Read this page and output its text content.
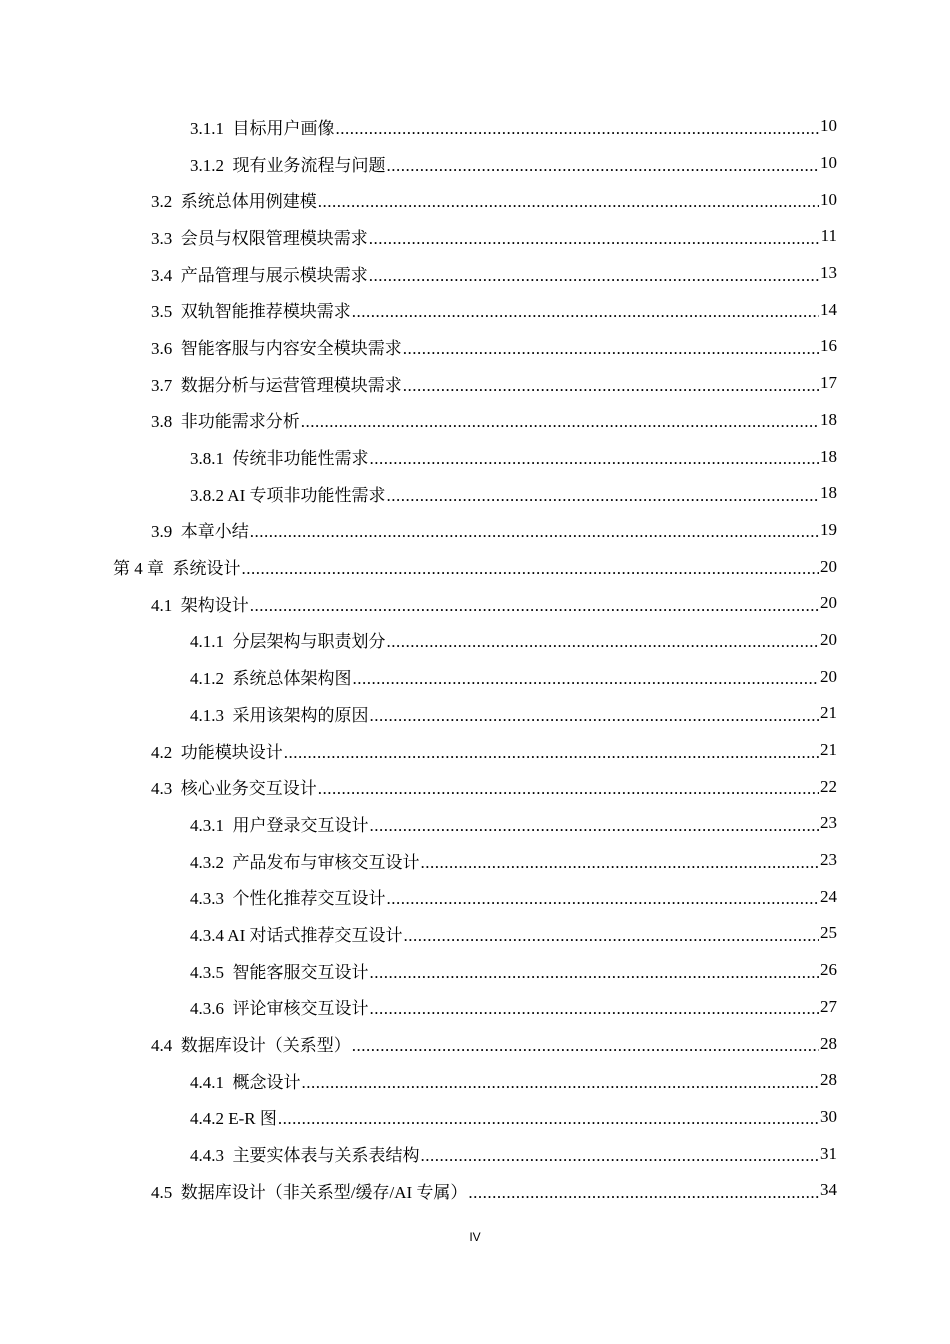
3.1.1  目标用户画像 .....	10
3.1.2  现有业务流程与问题 .....	10
3.2  系统总体用例建模 .....	10
3.3  会员与权限管理模块需求 .....	11
3.4  产品管理与展示模块需求 .....	13
3.5  双轨智能推荐模块需求 .....	14
3.6  智能客服与内容安全模块需求 .....	16
3.7  数据分析与运营管理模块需求 .....	17
3.8  非功能需求分析 .....	18
3.8.1  传统非功能性需求 .....	18
3.8.2 AI 专项非功能性需求 .....	18
3.9  本章小结 .....	19
第 4 章  系统设计 .....	20
4.1  架构设计 .....	20
4.1.1  分层架构与职责划分 .....	20
4.1.2  系统总体架构图 .....	20
4.1.3  采用该架构的原因 .....	21
4.2  功能模块设计 .....	21
4.3  核心业务交互设计 .....	22
4.3.1  用户登录交互设计 .....	23
4.3.2  产品发布与审核交互设计 .....	23
4.3.3  个性化推荐交互设计 .....	24
4.3.4 AI 对话式推荐交互设计 .....	25
4.3.5  智能客服交互设计 .....	26
4.3.6  评论审核交互设计 .....	27
4.4  数据库设计（关系型） .....	28
4.4.1  概念设计 .....	28
4.4.2 E-R 图 .....	30
4.4.3  主要实体表与关系表结构 .....	31
4.5  数据库设计（非关系型/缓存/AI 专属） .....	34
IV
